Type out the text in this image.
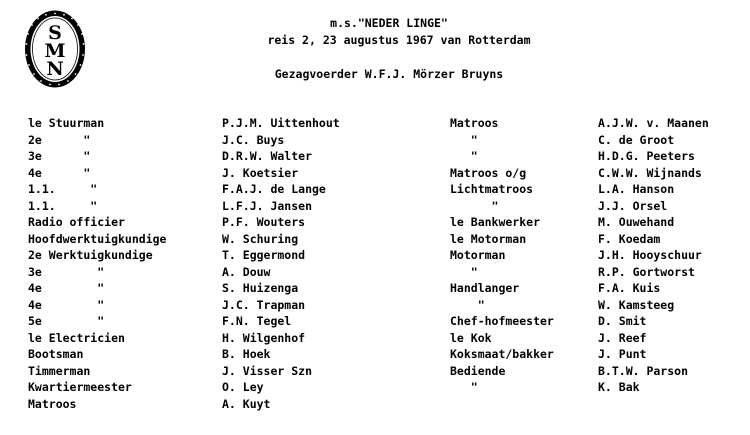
S
M
N
m.s."NEDER LINGE"
reis 2, 23 augustus 1967 van Rotterdam
Gezagvoerder W.F.J. Mörzer Bruyns
le Stuurman
2e      "
3e      "
4e      "
1.1.     "
1.1.     "
Radio officier
Hoofdwerktuigkundige
2e Werktuigkundige
3e        "
4e        "
4e        "
5e        "
le Electricien
Bootsman
Timmerman
Kwartiermeester
Matroos
P.J.M. Uittenhout
J.C. Buys
D.R.W. Walter
J. Koetsier
F.A.J. de Lange
L.F.J. Jansen
P.F. Wouters
W. Schuring
T. Eggermond
A. Douw
S. Huizenga
J.C. Trapman
F.N. Tegel
H. Wilgenhof
B. Hoek
J. Visser Szn
O. Ley
A. Kuyt
Matroos
"
"
Matroos o/g
Lichtmatroos
"
le Bankwerker
le Motorman
Motorman
"
Handlanger
"
Chef-hofmeester
le Kok
Koksmaat/bakker
Bediende
"
A.J.W. v. Maanen
C. de Groot
H.D.G. Peeters
C.W.W. Wijnands
L.A. Hanson
J.J. Orsel
M. Ouwehand
F. Koedam
J.H. Hooyschuur
R.P. Gortworst
F.A. Kuis
W. Kamsteeg
D. Smit
J. Reef
J. Punt
B.T.W. Parson
K. Bak
